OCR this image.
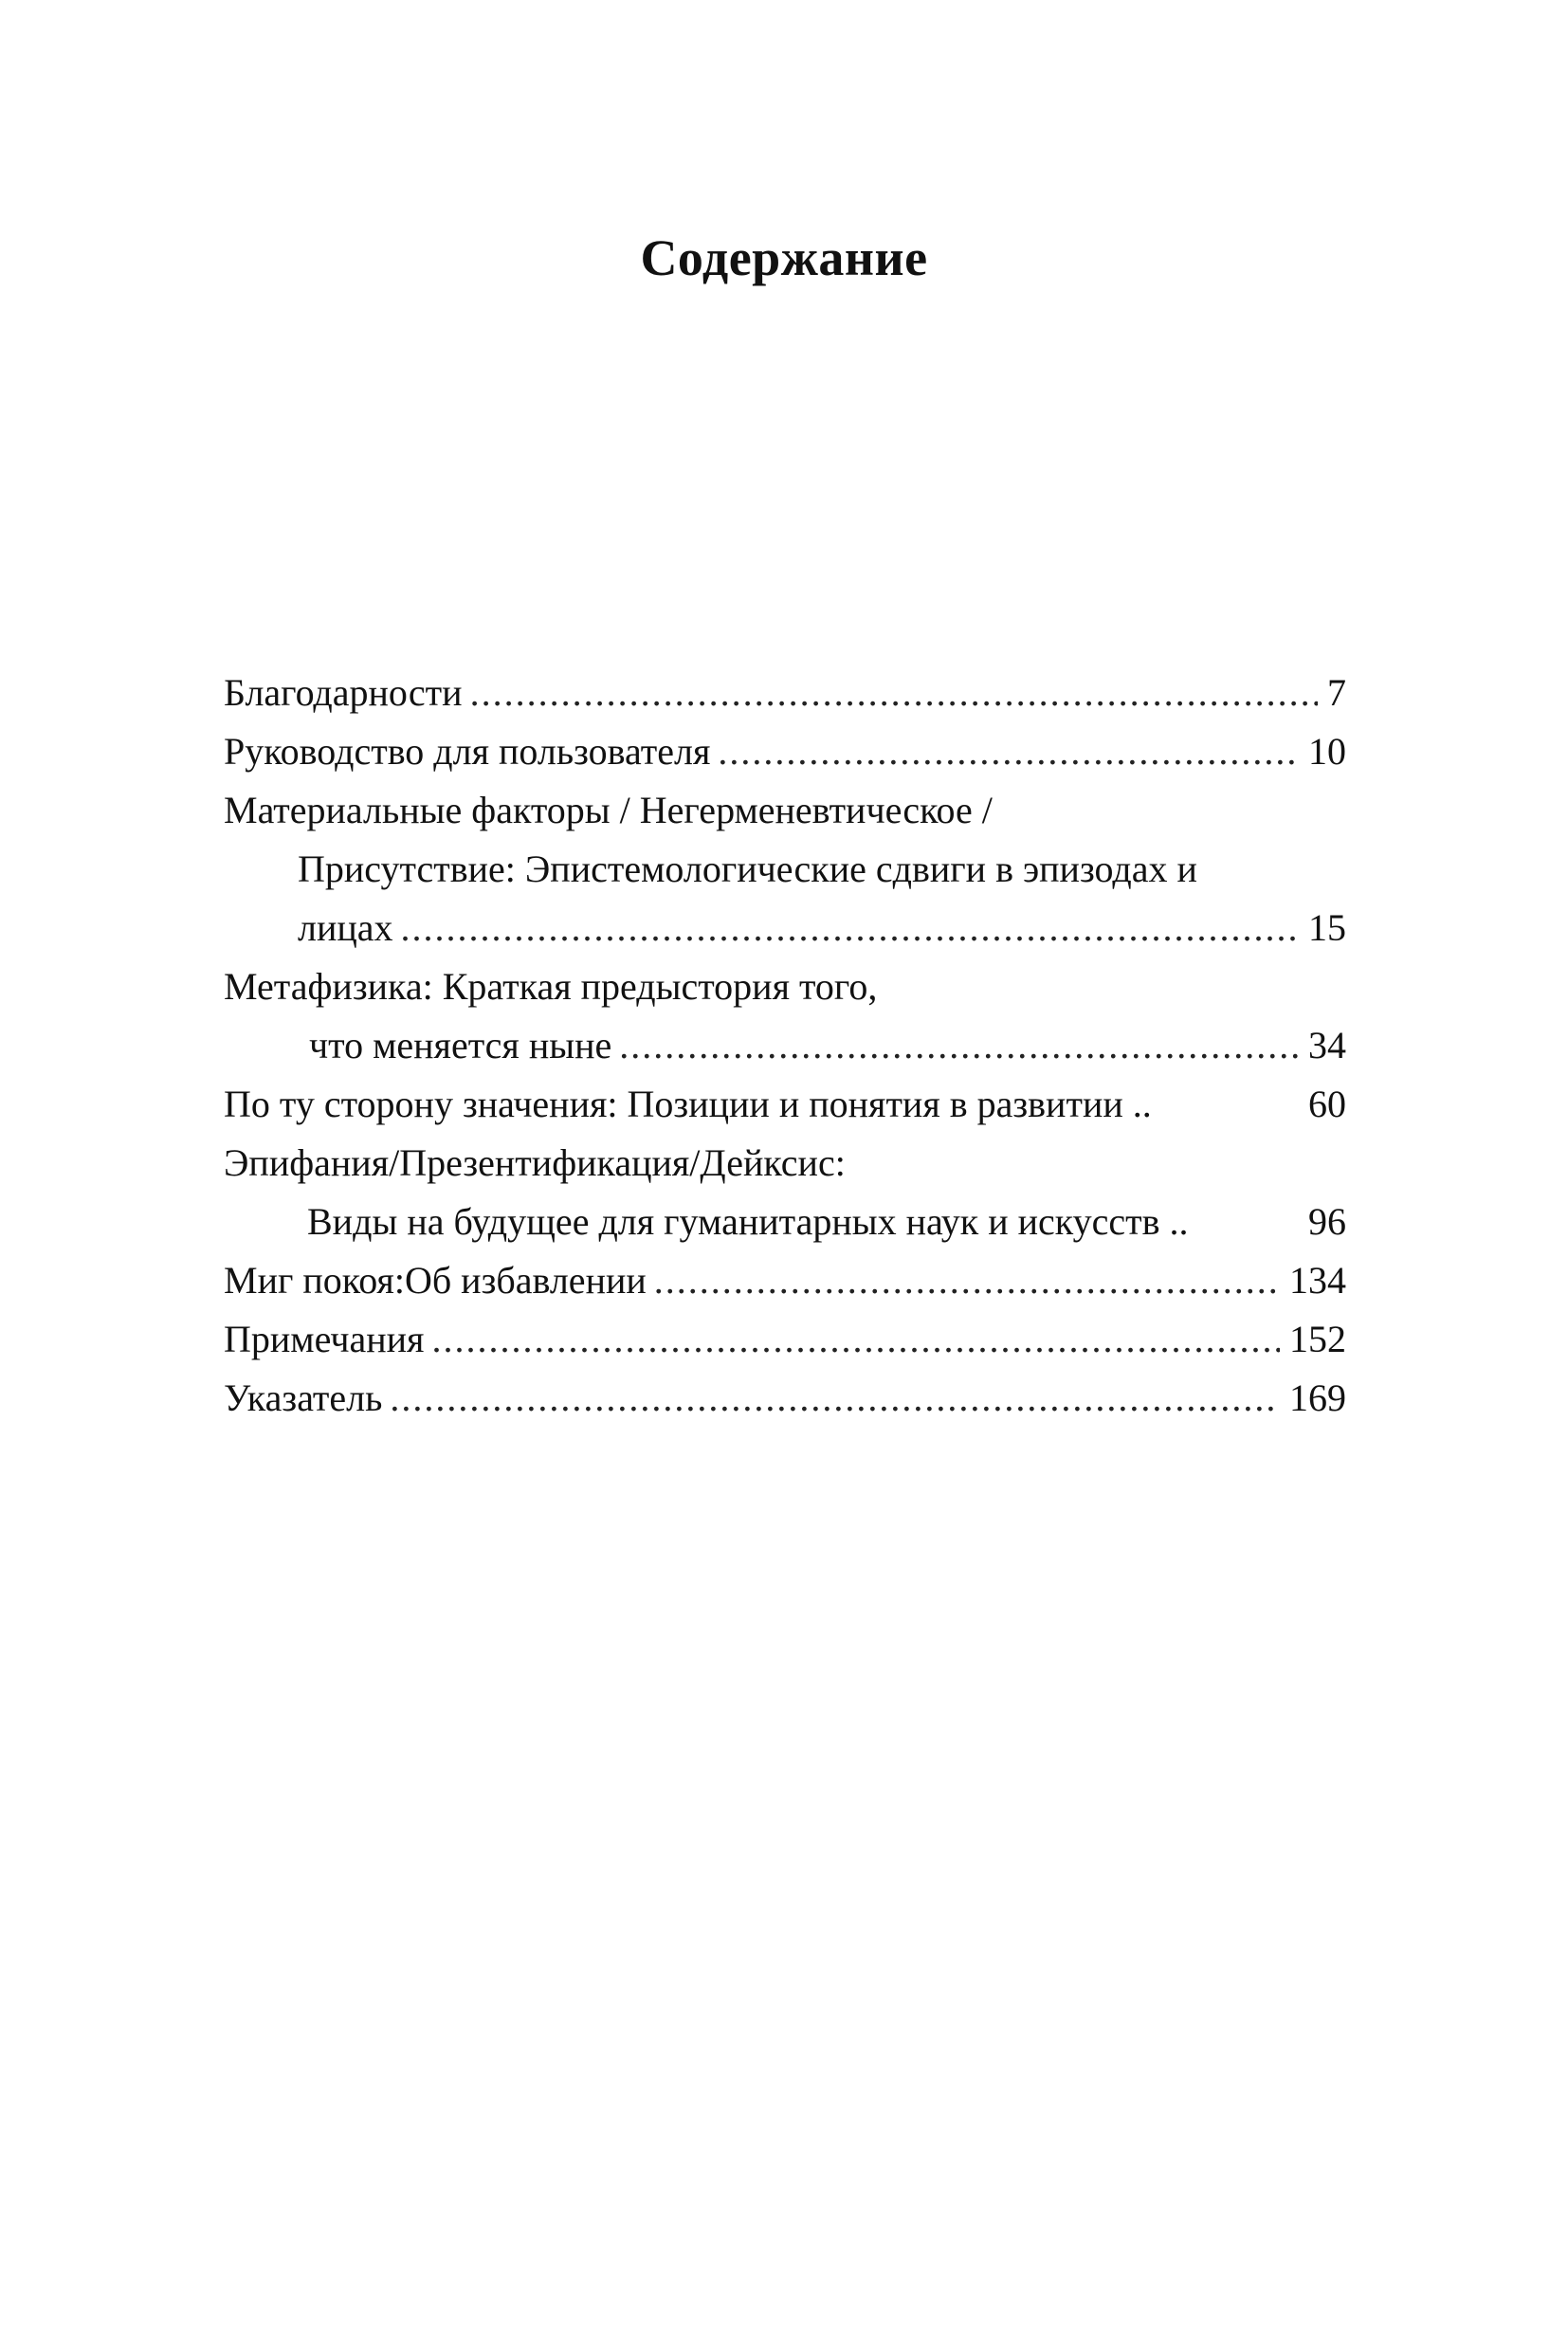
Содержание
Благодарности .....	7
Руководство для пользователя .....	10
Материальные факторы / Негерменевтическое /
Присутствие: Эпистемологические сдвиги в эпизодах и
лицах .....	15
Метафизика: Краткая предыстория того,
что меняется ныне .....	34
По ту сторону значения: Позиции и понятия в развитии ..	60
Эпифания/Презентификация/Дейксис:
Виды на будущее для гуманитарных наук и искусств ..	96
Миг покоя:Об избавлении .....	134
Примечания .....	152
Указатель .....	169
